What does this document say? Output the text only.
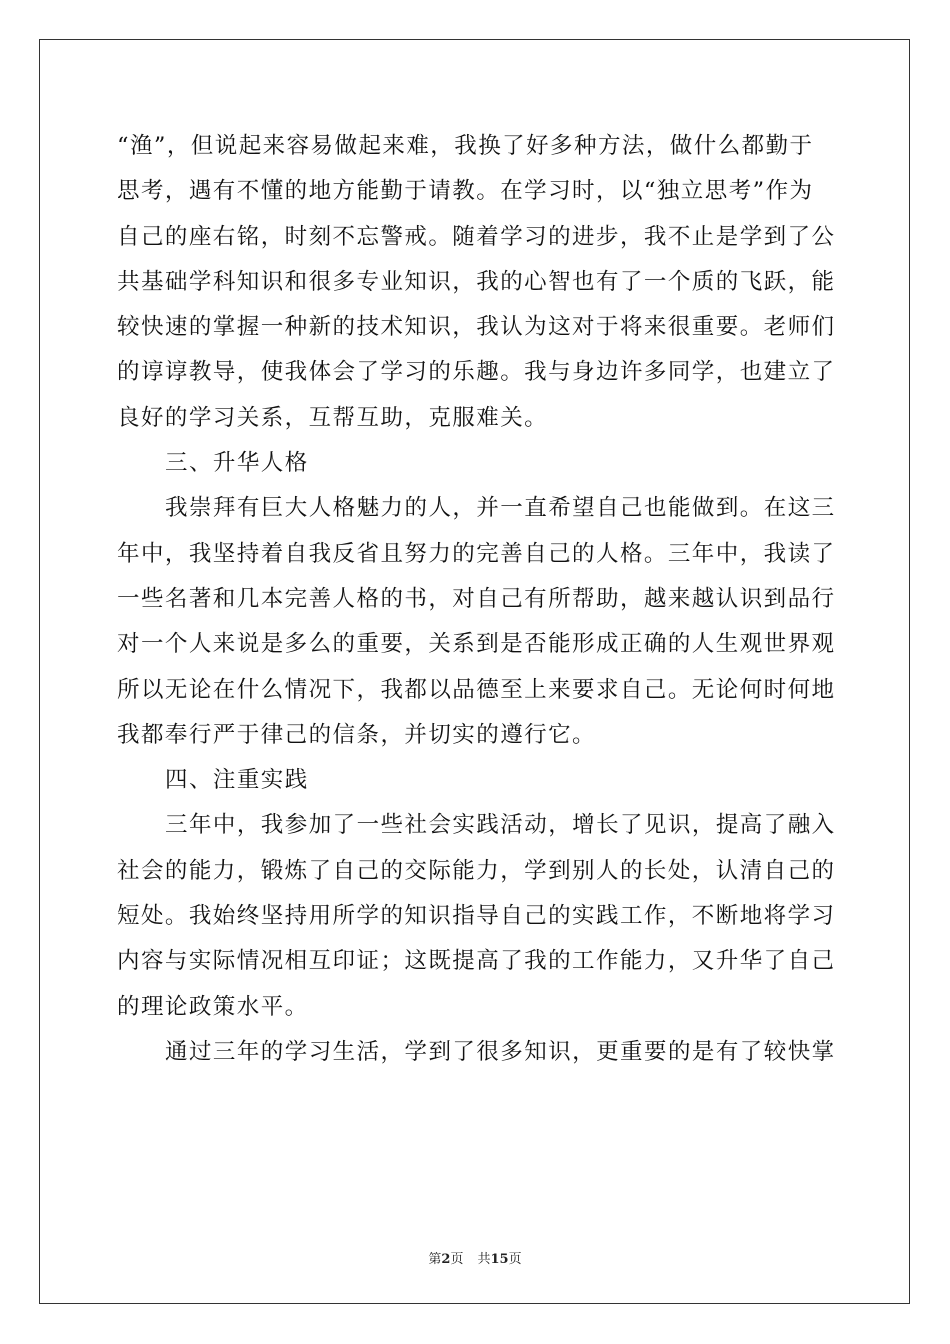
“渔”，但说起来容易做起来难，我换了好多种方法，做什么都勤于
思考，遇有不懂的地方能勤于请教。在学习时，以“独立思考”作为
自己的座右铭，时刻不忘警戒。随着学习的进步，我不止是学到了公
共基础学科知识和很多专业知识，我的心智也有了一个质的飞跃，能
较快速的掌握一种新的技术知识，我认为这对于将来很重要。老师们
的谆谆教导，使我体会了学习的乐趣。我与身边许多同学，也建立了
良好的学习关系，互帮互助，克服难关。
三、升华人格
我崇拜有巨大人格魅力的人，并一直希望自己也能做到。在这三
年中，我坚持着自我反省且努力的完善自己的人格。三年中，我读了
一些名著和几本完善人格的书，对自己有所帮助，越来越认识到品行
对一个人来说是多么的重要，关系到是否能形成正确的人生观世界观
所以无论在什么情况下，我都以品德至上来要求自己。无论何时何地
我都奉行严于律己的信条，并切实的遵行它。
四、注重实践
三年中，我参加了一些社会实践活动，增长了见识，提高了融入
社会的能力，锻炼了自己的交际能力，学到别人的长处，认清自己的
短处。我始终坚持用所学的知识指导自己的实践工作，不断地将学习
内容与实际情况相互印证；这既提高了我的工作能力，又升华了自己
的理论政策水平。
通过三年的学习生活，学到了很多知识，更重要的是有了较快掌
第2页 共15页
